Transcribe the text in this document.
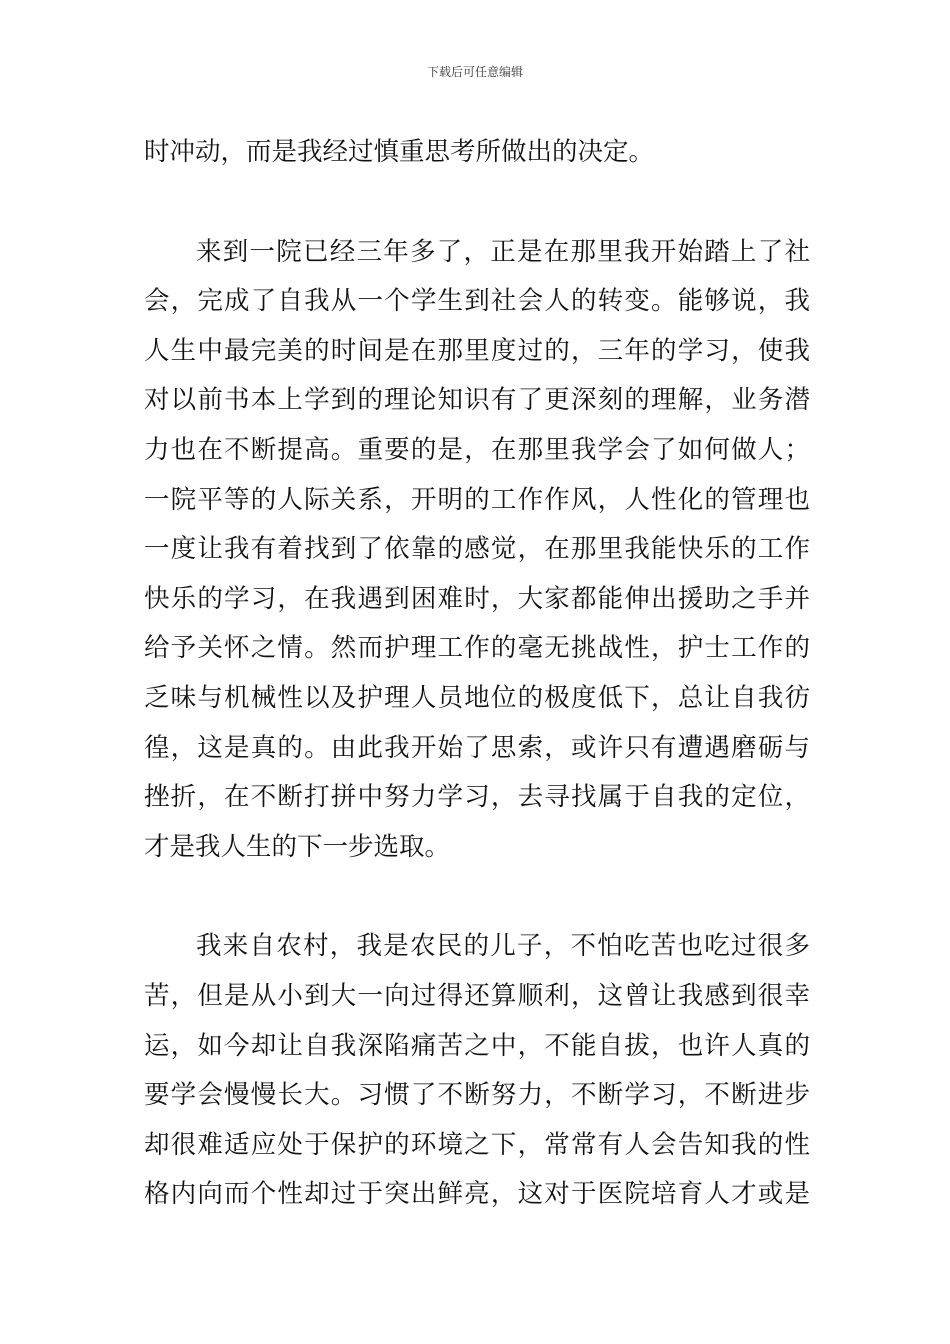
下载后可任意编辑
时冲动，而是我经过慎重思考所做出的决定。
来到一院已经三年多了，正是在那里我开始踏上了社
会，完成了自我从一个学生到社会人的转变。能够说，我
人生中最完美的时间是在那里度过的，三年的学习，使我
对以前书本上学到的理论知识有了更深刻的理解，业务潜
力也在不断提高。重要的是，在那里我学会了如何做人；
一院平等的人际关系，开明的工作作风，人性化的管理也
一度让我有着找到了依靠的感觉，在那里我能快乐的工作
快乐的学习，在我遇到困难时，大家都能伸出援助之手并
给予关怀之情。然而护理工作的毫无挑战性，护士工作的
乏味与机械性以及护理人员地位的极度低下，总让自我彷
徨，这是真的。由此我开始了思索，或许只有遭遇磨砺与
挫折，在不断打拼中努力学习，去寻找属于自我的定位，
才是我人生的下一步选取。
我来自农村，我是农民的儿子，不怕吃苦也吃过很多
苦，但是从小到大一向过得还算顺利，这曾让我感到很幸
运，如今却让自我深陷痛苦之中，不能自拔，也许人真的
要学会慢慢长大。习惯了不断努力，不断学习，不断进步
却很难适应处于保护的环境之下，常常有人会告知我的性
格内向而个性却过于突出鲜亮，这对于医院培育人才或是
